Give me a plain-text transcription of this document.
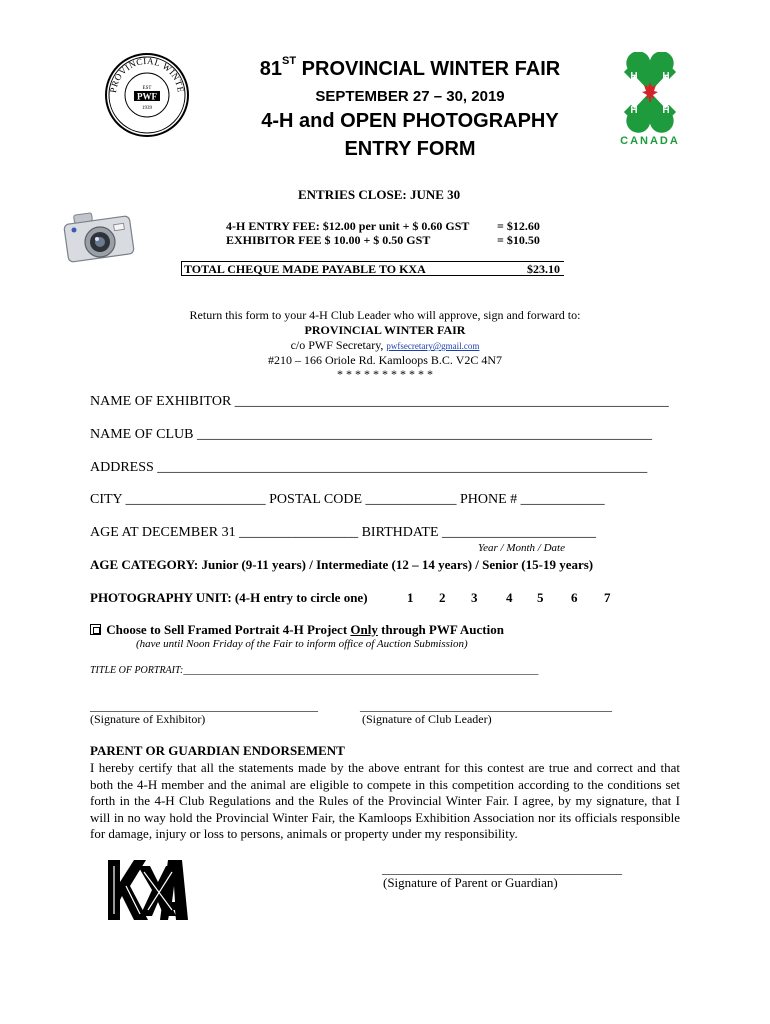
PROVINCIAL WINTE
EST
PWF
1939
81ST PROVINCIAL WINTER FAIR
SEPTEMBER 27 – 30, 2019
4-H and OPEN PHOTOGRAPHY
ENTRY FORM
H H
H H
CANADA
ENTRIES CLOSE: JUNE 30
4-H ENTRY FEE: $12.00 per unit + $ 0.60 GST = $12.60
EXHIBITOR FEE $ 10.00 + $ 0.50 GST	= $10.50
TOTAL CHEQUE MADE PAYABLE TO KXA	$23.10
Return this form to your 4-H Club Leader who will approve, sign and forward to:
PROVINCIAL WINTER FAIR
c/o PWF Secretary, pwfsecretary@gmail.com
#210 – 166 Oriole Rd. Kamloops B.C. V2C 4N7
* * * * * * * * * * *
NAME OF EXHIBITOR ______________________________________________________________
NAME OF CLUB _________________________________________________________________
ADDRESS ______________________________________________________________________
CITY ____________________ POSTAL CODE _____________ PHONE # ____________
AGE AT DECEMBER 31 _________________ BIRTHDATE ______________________
Year / Month / Date
AGE CATEGORY: Junior (9-11 years) / Intermediate (12 – 14 years) / Senior (15-19 years)
PHOTOGRAPHY UNIT: (4-H entry to circle one)	1 2 3 4 5 6 7
Choose to Sell Framed Portrait 4-H Project Only through PWF Auction
(have until Noon Friday of the Fair to inform office of Auction Submission)
TITLE OF PORTRAIT:_______________________________________________________________________
______________________________________
(Signature of Exhibitor)
__________________________________________
(Signature of Club Leader)
PARENT OR GUARDIAN ENDORSEMENT
I hereby certify that all the statements made by the above entrant for this contest are true and correct and that both the 4-H member and the animal are eligible to compete in this competition according to the conditions set forth in the 4-H Club Regulations and the Rules of the Provincial Winter Fair. I agree, by my signature, that I will in no way hold the Provincial Winter Fair, the Kamloops Exhibition Association nor its officials responsible for damage, injury or loss to persons, animals or property under my responsibility.
________________________________________
(Signature of Parent or Guardian)
